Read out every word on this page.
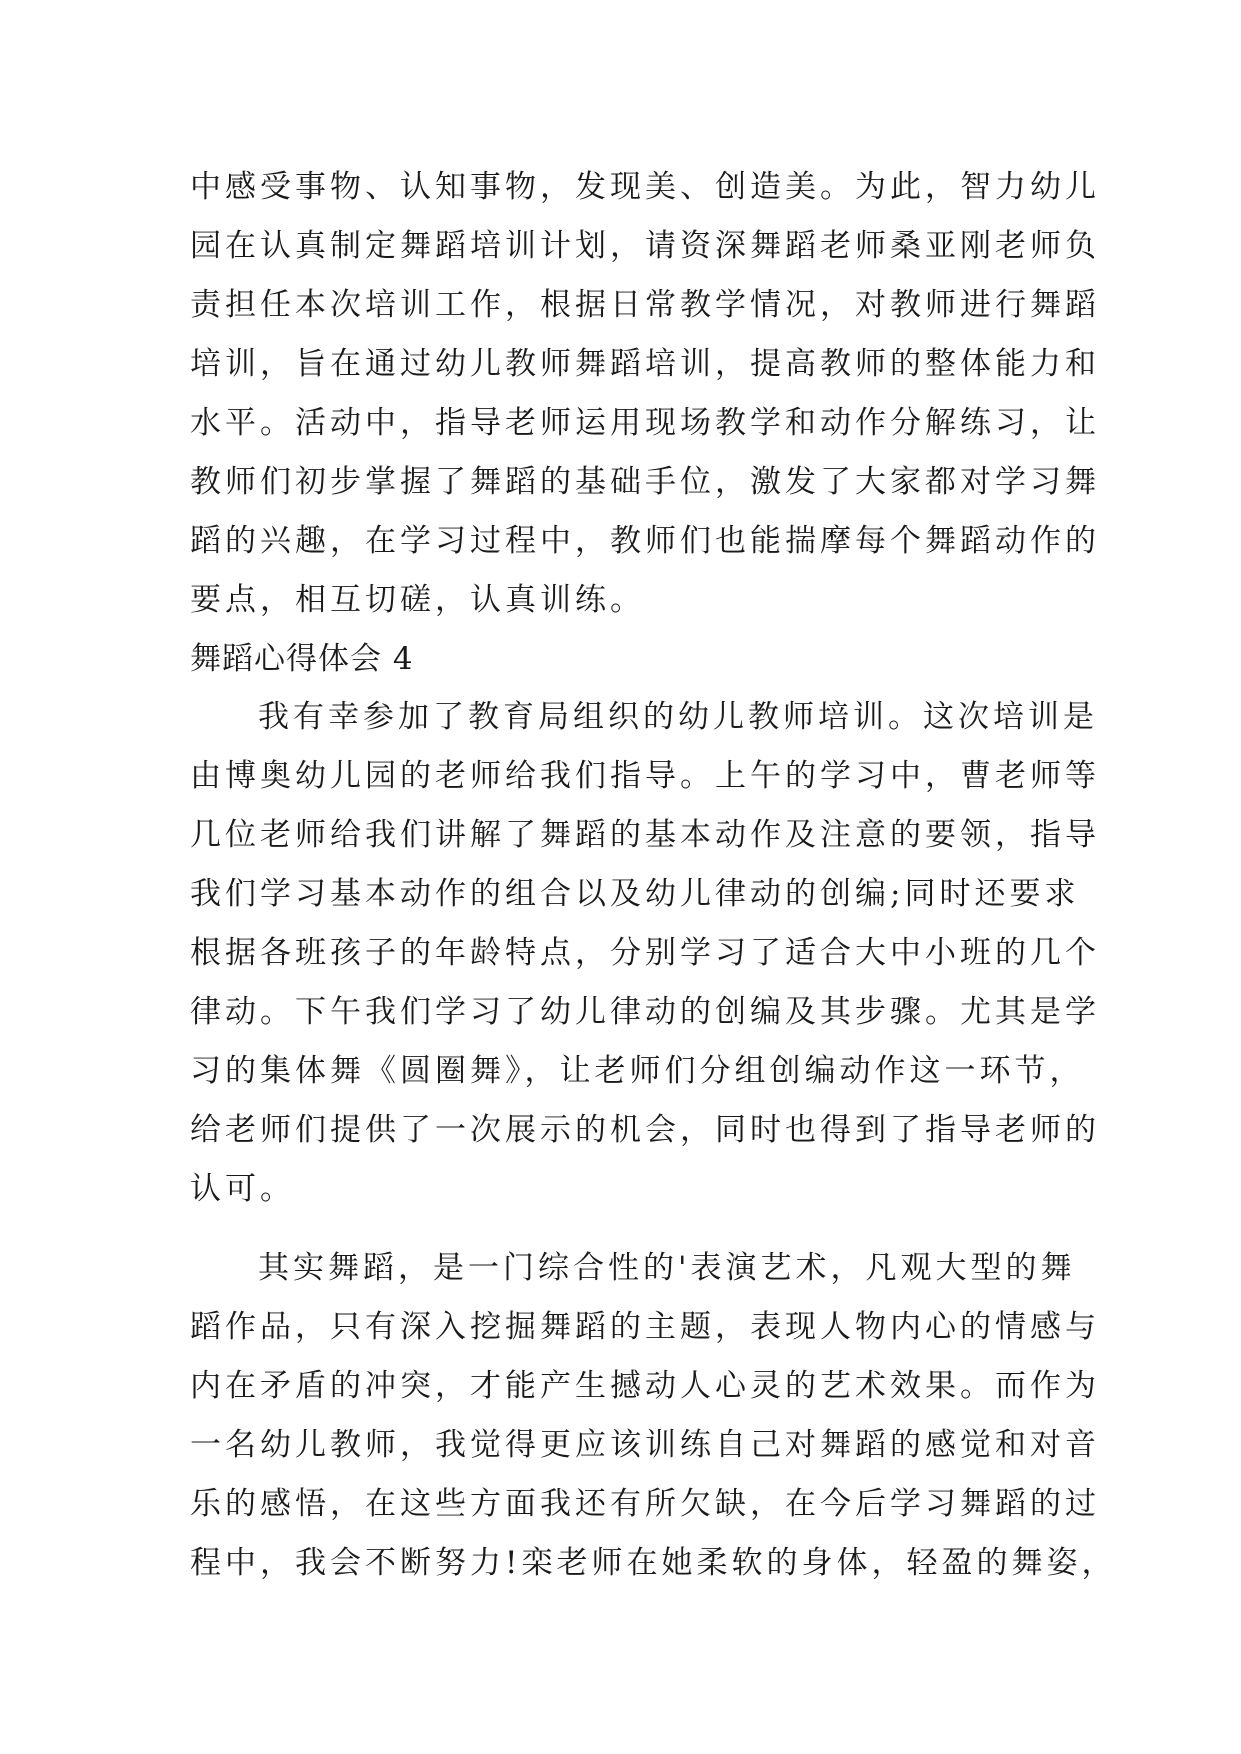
中感受事物、认知事物，发现美、创造美。为此，智力幼儿
园在认真制定舞蹈培训计划，请资深舞蹈老师桑亚刚老师负
责担任本次培训工作，根据日常教学情况，对教师进行舞蹈
培训，旨在通过幼儿教师舞蹈培训，提高教师的整体能力和
水平。活动中，指导老师运用现场教学和动作分解练习，让
教师们初步掌握了舞蹈的基础手位，激发了大家都对学习舞
蹈的兴趣，在学习过程中，教师们也能揣摩每个舞蹈动作的
要点，相互切磋，认真训练。
舞蹈心得体会 4
我有幸参加了教育局组织的幼儿教师培训。这次培训是
由博奥幼儿园的老师给我们指导。上午的学习中，曹老师等
几位老师给我们讲解了舞蹈的基本动作及注意的要领，指导
我们学习基本动作的组合以及幼儿律动的创编;同时还要求
根据各班孩子的年龄特点，分别学习了适合大中小班的几个
律动。下午我们学习了幼儿律动的创编及其步骤。尤其是学
习的集体舞《圆圈舞》，让老师们分组创编动作这一环节，
给老师们提供了一次展示的机会，同时也得到了指导老师的
认可。
其实舞蹈，是一门综合性的'表演艺术，凡观大型的舞
蹈作品，只有深入挖掘舞蹈的主题，表现人物内心的情感与
内在矛盾的冲突，才能产生撼动人心灵的艺术效果。而作为
一名幼儿教师，我觉得更应该训练自己对舞蹈的感觉和对音
乐的感悟，在这些方面我还有所欠缺，在今后学习舞蹈的过
程中，我会不断努力!栾老师在她柔软的身体，轻盈的舞姿，
